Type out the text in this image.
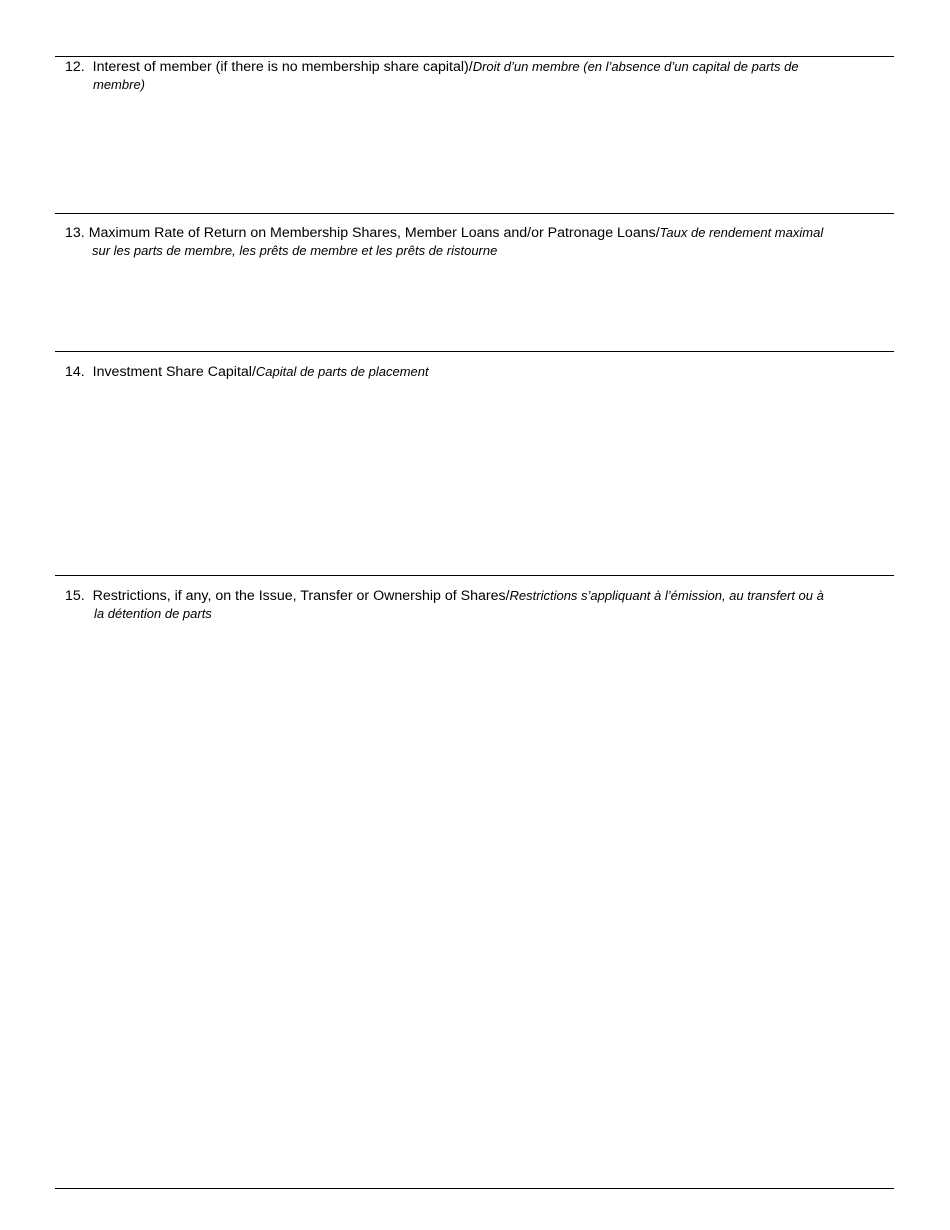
12. Interest of member (if there is no membership share capital)/Droit d’un membre (en l’absence d’un capital de parts de
membre)

13. Maximum Rate of Return on Membership Shares, Member Loans and/or Patronage Loans/Taux de rendement maximal
sur les parts de membre, les prêts de membre et les prêts de ristourne

14. Investment Share Capital/Capital de parts de placement

15. Restrictions, if any, on the Issue, Transfer or Ownership of Shares/Restrictions s’appliquant à l’émission, au transfert ou à
la détention de parts
